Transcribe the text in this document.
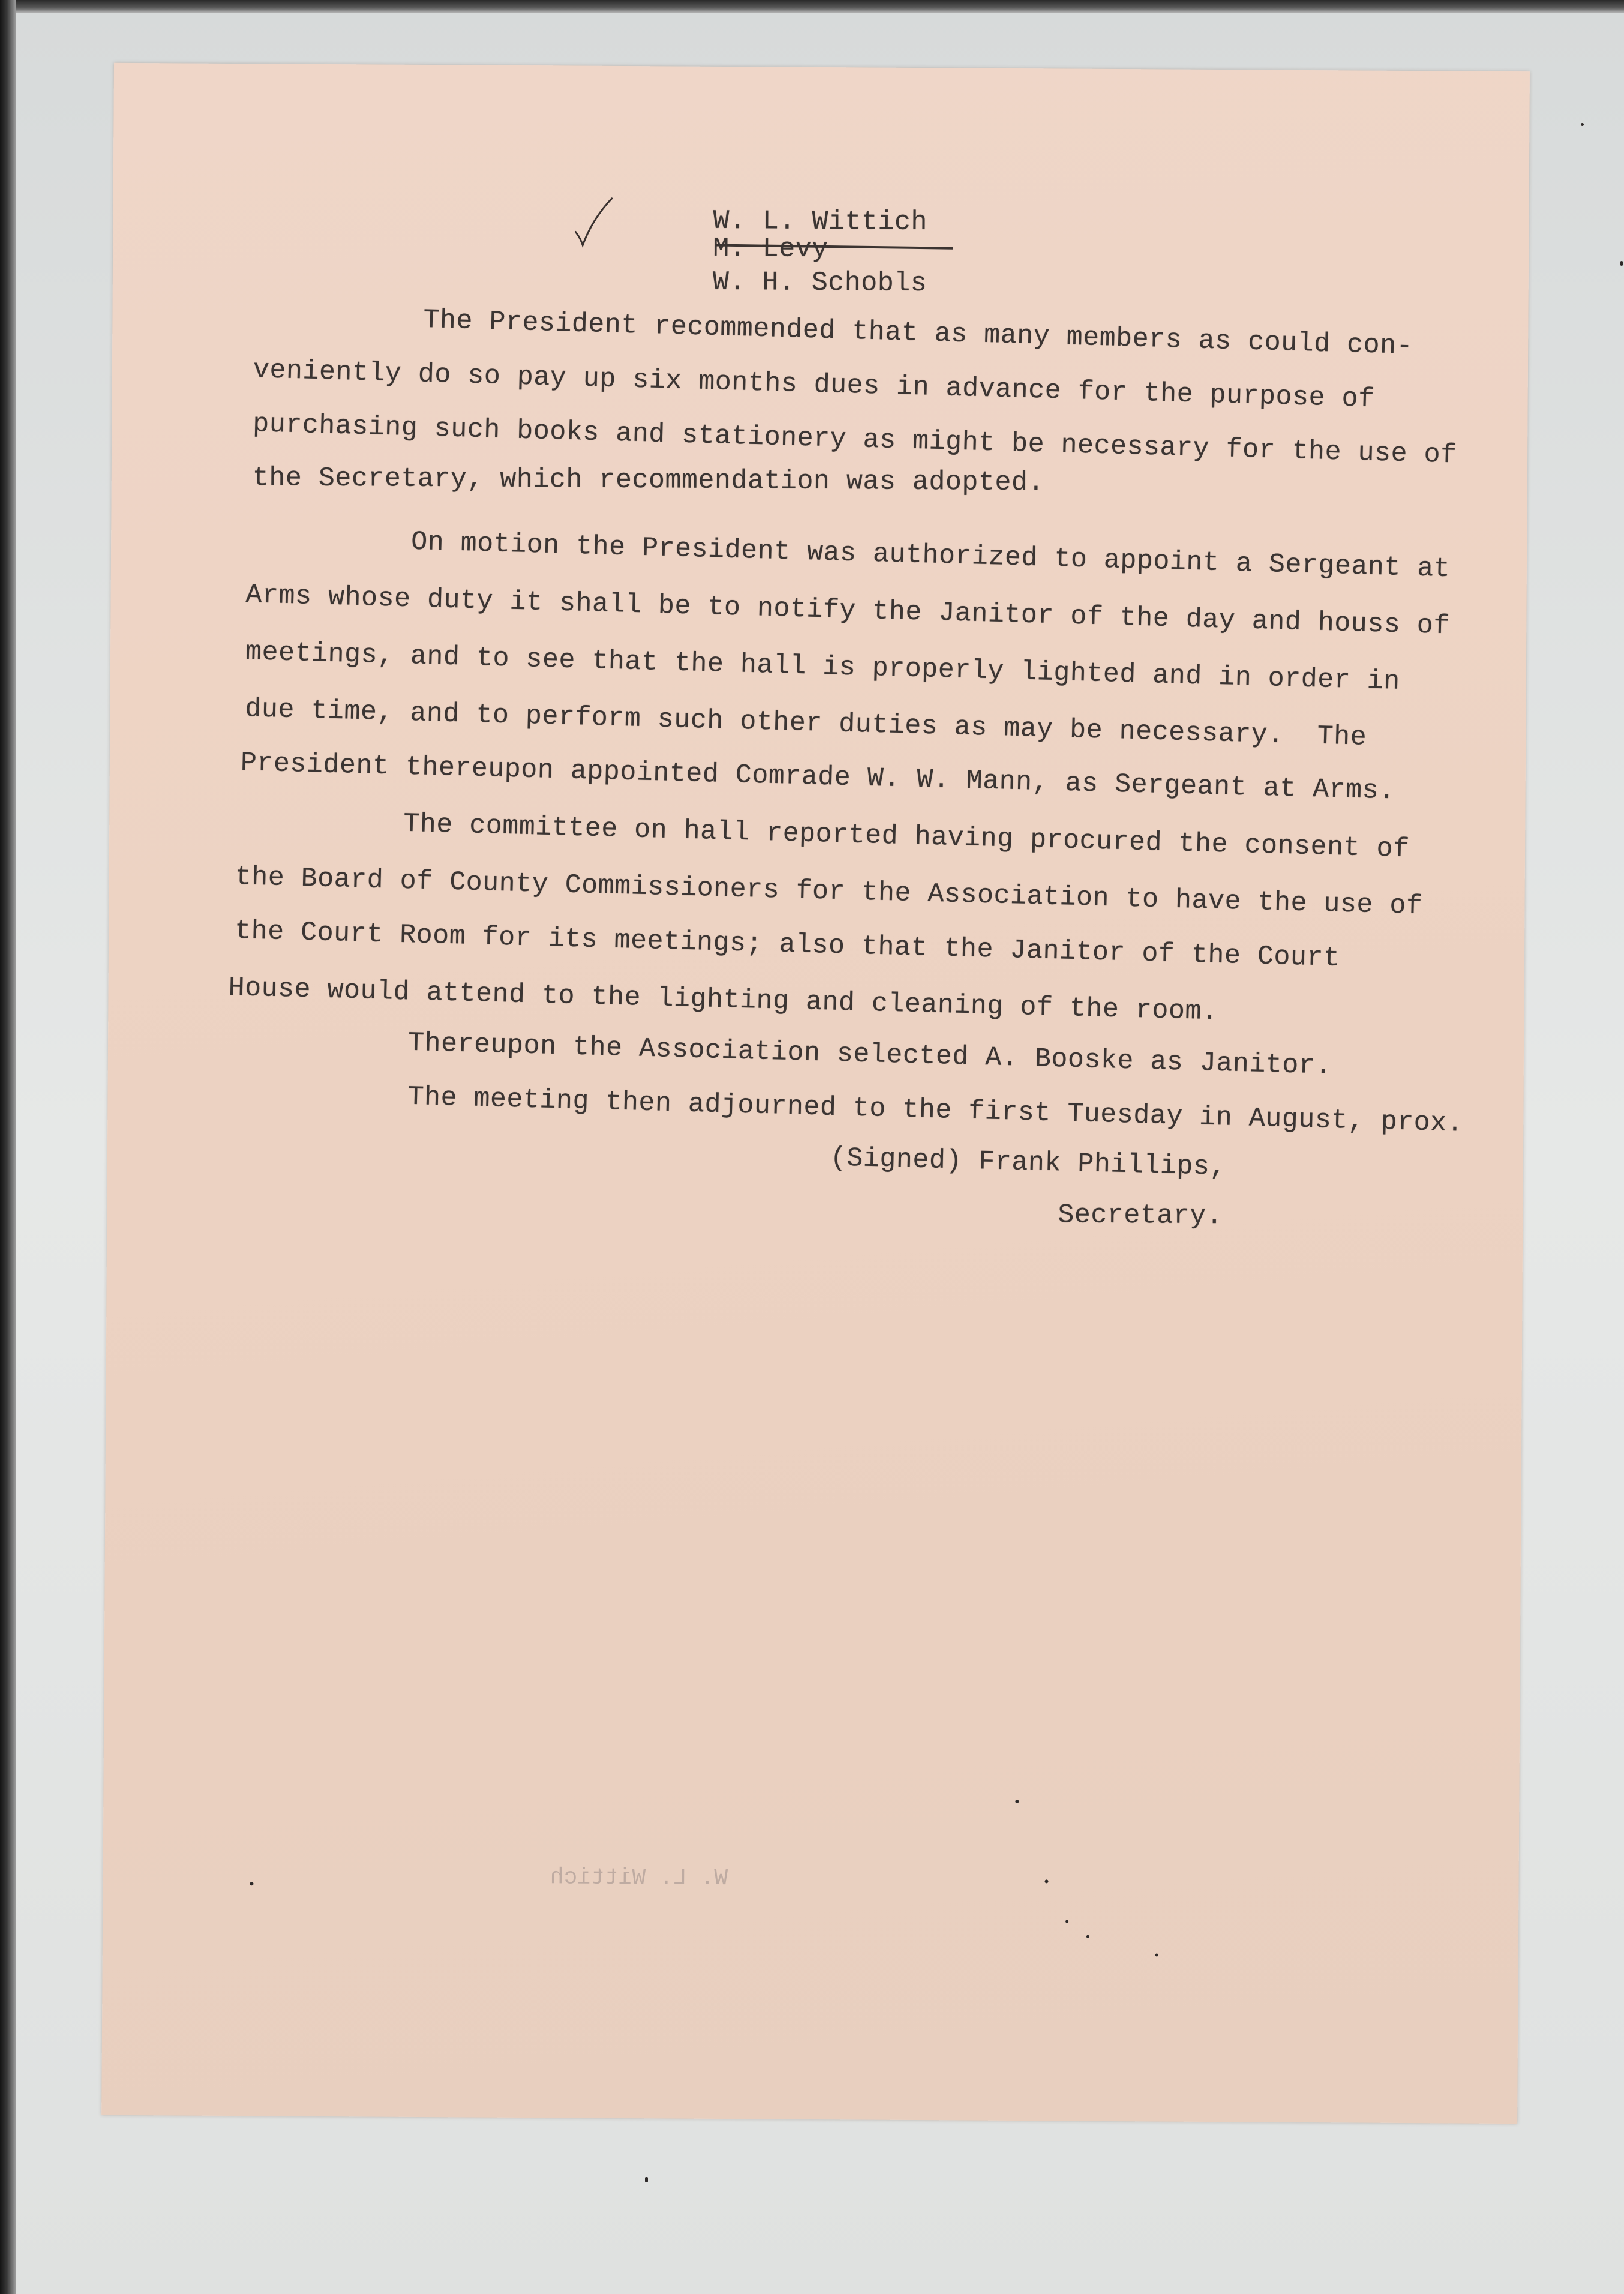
W. L. Wittich
M. Levy
W. H. Schobls
The President recommended that as many members as could con-
veniently do so pay up six months dues in advance for the purpose of
purchasing such books and stationery as might be necessary for the use of
the Secretary, which recommendation was adopted.
On motion the President was authorized to appoint a Sergeant at
Arms whose duty it shall be to notify the Janitor of the day and houss of
meetings, and to see that the hall is properly lighted and in order in
due time, and to perform such other duties as may be necessary.  The
President thereupon appointed Comrade W. W. Mann, as Sergeant at Arms.
The committee on hall reported having procured the consent of
the Board of County Commissioners for the Association to have the use of
the Court Room for its meetings; also that the Janitor of the Court
House would attend to the lighting and cleaning of the room.
Thereupon the Association selected A. Booske as Janitor.
The meeting then adjourned to the first Tuesday in August, prox.
(Signed) Frank Phillips,
Secretary.
W. L. Wittich
